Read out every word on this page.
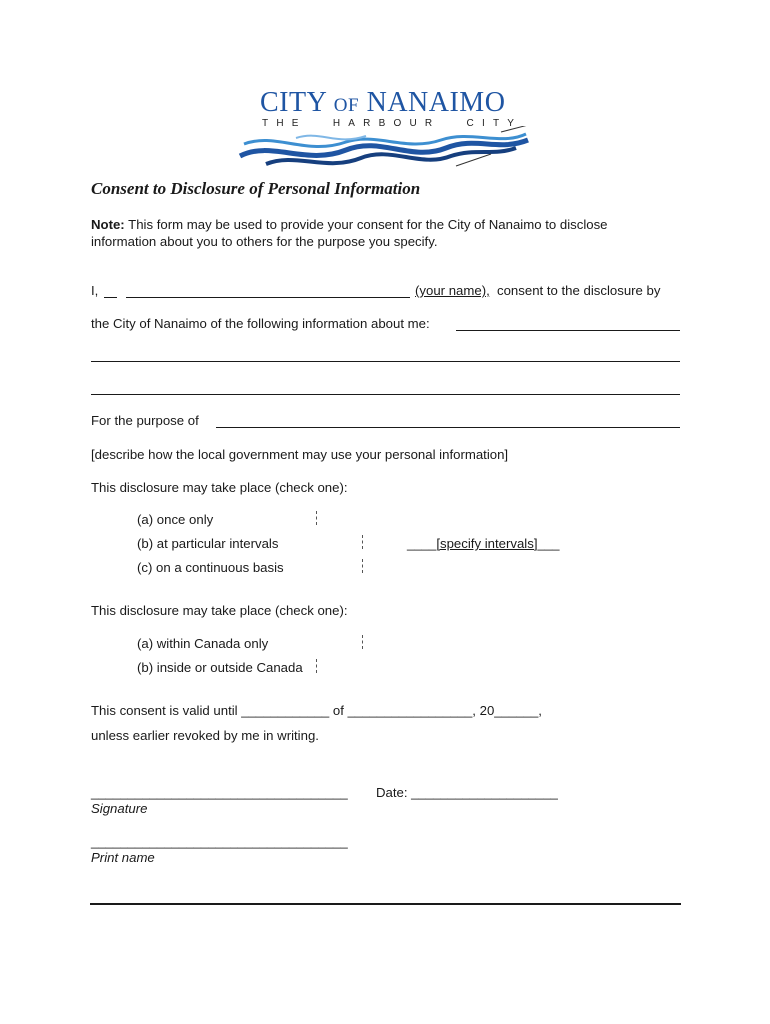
CITY OF NANAIMO
T H E	H A R B O U R	C I T Y
Consent to Disclosure of Personal Information
Note: This form may be used to provide your consent for the City of Nanaimo to disclose
information about you to others for the purpose you specify.
I,	(your name), consent to the disclosure by
the City of Nanaimo of the following information about me:
For the purpose of
[describe how the local government may use your personal information]
This disclosure may take place (check one):
(a) once only
(b) at particular intervals	____[specify intervals]___
(c) on a continuous basis
This disclosure may take place (check one):
(a) within Canada only
(b) inside or outside Canada
This consent is valid until ____________ of _________________, 20______,
unless earlier revoked by me in writing.
___________________________________ Date: ____________________
Signature
___________________________________
Print name
